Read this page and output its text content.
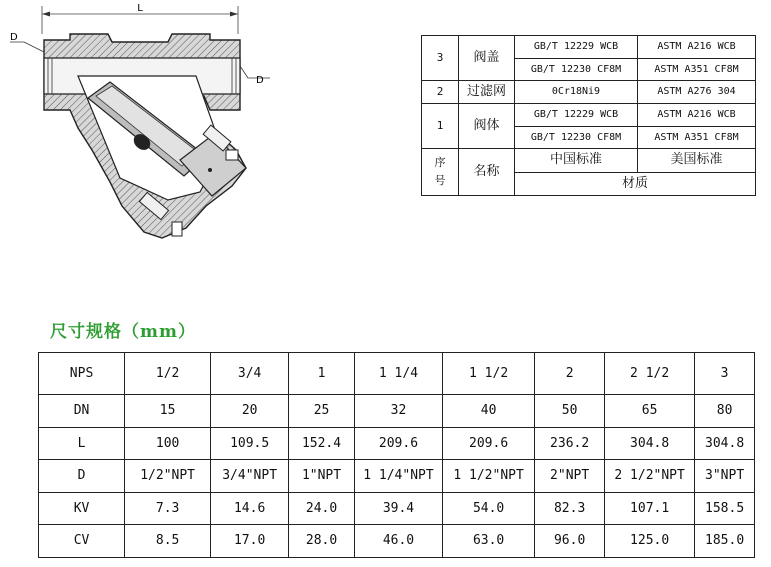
L
D
D
3	阀盖	GB/T 12229 WCB	ASTM A216 WCB
		GB/T 12230 CF8M	ASTM A351 CF8M
2	过滤网	0Cr18Ni9	ASTM A276 304
1	阀体	GB/T 12229 WCB	ASTM A216 WCB
		GB/T 12230 CF8M	ASTM A351 CF8M
序
号	名称	中国标准	美国标准
		材质	
尺寸规格（mm）
NPS	1/2	3/4	1	1 1/4	1 1/2	2	2 1/2	3
DN	15	20	25	32	40	50	65	80
L	100	109.5	152.4	209.6	209.6	236.2	304.8	304.8
D	1/2"NPT	3/4"NPT	1"NPT	1 1/4"NPT	1 1/2"NPT	2"NPT	2 1/2"NPT	3"NPT
KV	7.3	14.6	24.0	39.4	54.0	82.3	107.1	158.5
CV	8.5	17.0	28.0	46.0	63.0	96.0	125.0	185.0
